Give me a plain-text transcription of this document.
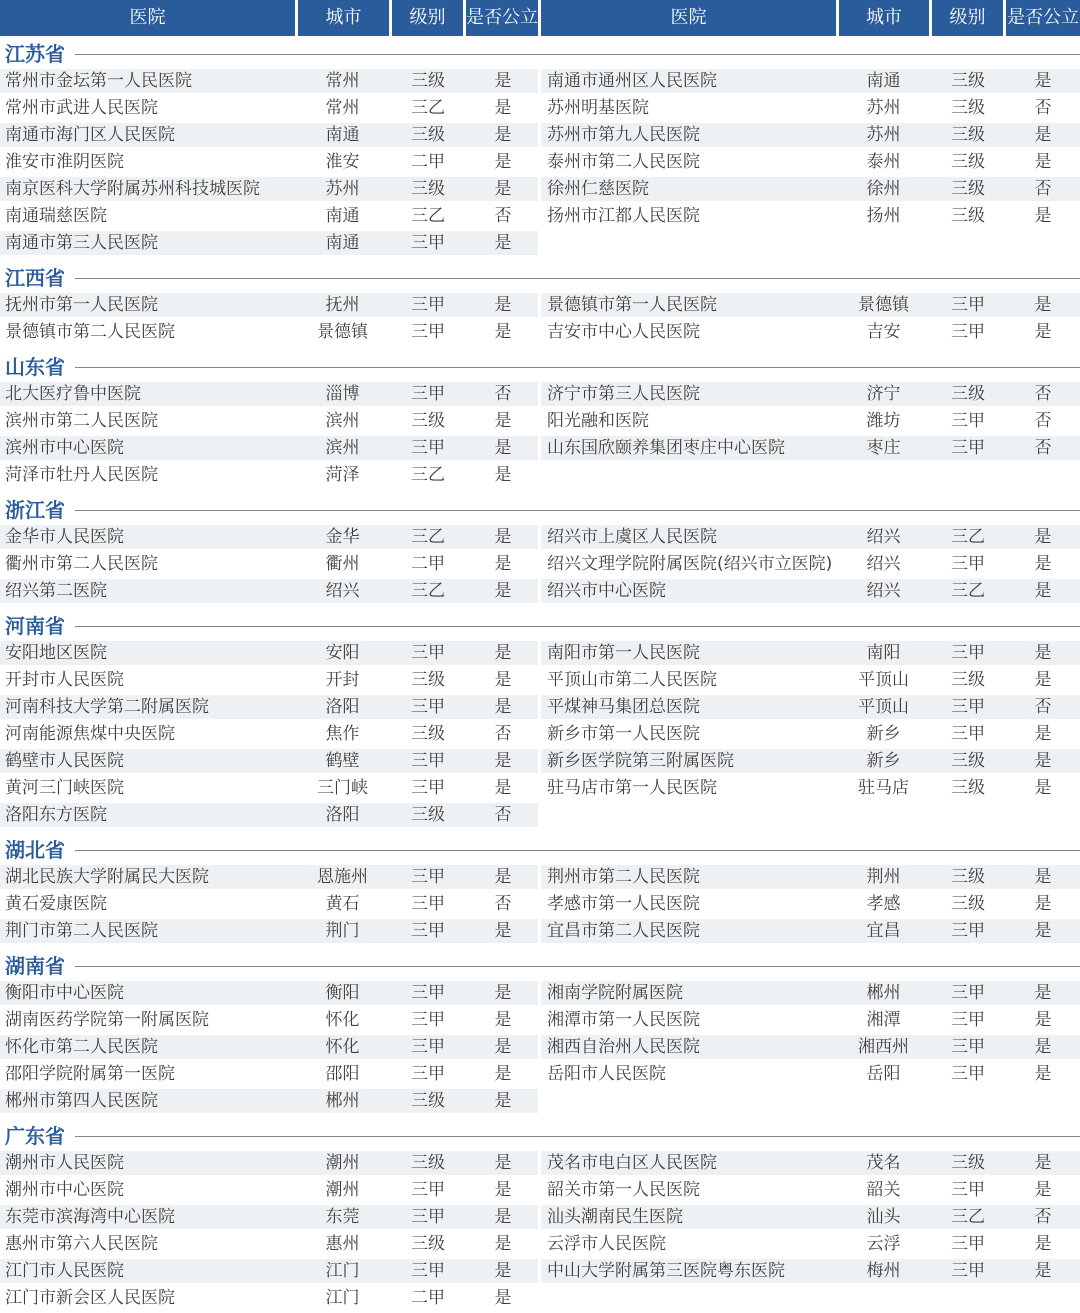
医院	城市	级别	是否公立	医院	城市	级别	是否公立
江苏省
常州市金坛第一人民医院	常州	三级	是	南通市通州区人民医院	南通	三级	是
常州市武进人民医院	常州	三乙	是	苏州明基医院	苏州	三级	否
南通市海门区人民医院	南通	三级	是	苏州市第九人民医院	苏州	三级	是
淮安市淮阴医院	淮安	二甲	是	泰州市第二人民医院	泰州	三级	是
南京医科大学附属苏州科技城医院	苏州	三级	是	徐州仁慈医院	徐州	三级	否
南通瑞慈医院	南通	三乙	否	扬州市江都人民医院	扬州	三级	是
南通市第三人民医院	南通	三甲	是
江西省
抚州市第一人民医院	抚州	三甲	是	景德镇市第一人民医院	景德镇	三甲	是
景德镇市第二人民医院	景德镇	三甲	是	吉安市中心人民医院	吉安	三甲	是
山东省
北大医疗鲁中医院	淄博	三甲	否	济宁市第三人民医院	济宁	三级	否
滨州市第二人民医院	滨州	三级	是	阳光融和医院	潍坊	三甲	否
滨州市中心医院	滨州	三甲	是	山东国欣颐养集团枣庄中心医院	枣庄	三甲	否
菏泽市牡丹人民医院	菏泽	三乙	是
浙江省
金华市人民医院	金华	三乙	是	绍兴市上虞区人民医院	绍兴	三乙	是
衢州市第二人民医院	衢州	二甲	是	绍兴文理学院附属医院(绍兴市立医院)	绍兴	三甲	是
绍兴第二医院	绍兴	三乙	是	绍兴市中心医院	绍兴	三乙	是
河南省
安阳地区医院	安阳	三甲	是	南阳市第一人民医院	南阳	三甲	是
开封市人民医院	开封	三级	是	平顶山市第二人民医院	平顶山	三级	是
河南科技大学第二附属医院	洛阳	三甲	是	平煤神马集团总医院	平顶山	三甲	否
河南能源焦煤中央医院	焦作	三级	否	新乡市第一人民医院	新乡	三甲	是
鹤壁市人民医院	鹤壁	三甲	是	新乡医学院第三附属医院	新乡	三级	是
黄河三门峡医院	三门峡	三甲	是	驻马店市第一人民医院	驻马店	三级	是
洛阳东方医院	洛阳	三级	否
湖北省
湖北民族大学附属民大医院	恩施州	三甲	是	荆州市第二人民医院	荆州	三级	是
黄石爱康医院	黄石	三甲	否	孝感市第一人民医院	孝感	三级	是
荆门市第二人民医院	荆门	三甲	是	宜昌市第二人民医院	宜昌	三甲	是
湖南省
衡阳市中心医院	衡阳	三甲	是	湘南学院附属医院	郴州	三甲	是
湖南医药学院第一附属医院	怀化	三甲	是	湘潭市第一人民医院	湘潭	三甲	是
怀化市第二人民医院	怀化	三甲	是	湘西自治州人民医院	湘西州	三甲	是
邵阳学院附属第一医院	邵阳	三甲	是	岳阳市人民医院	岳阳	三甲	是
郴州市第四人民医院	郴州	三级	是
广东省
潮州市人民医院	潮州	三级	是	茂名市电白区人民医院	茂名	三级	是
潮州市中心医院	潮州	三甲	是	韶关市第一人民医院	韶关	三甲	是
东莞市滨海湾中心医院	东莞	三甲	是	汕头潮南民生医院	汕头	三乙	否
惠州市第六人民医院	惠州	三级	是	云浮市人民医院	云浮	三甲	是
江门市人民医院	江门	三甲	是	中山大学附属第三医院粤东医院	梅州	三甲	是
江门市新会区人民医院	江门	二甲	是
